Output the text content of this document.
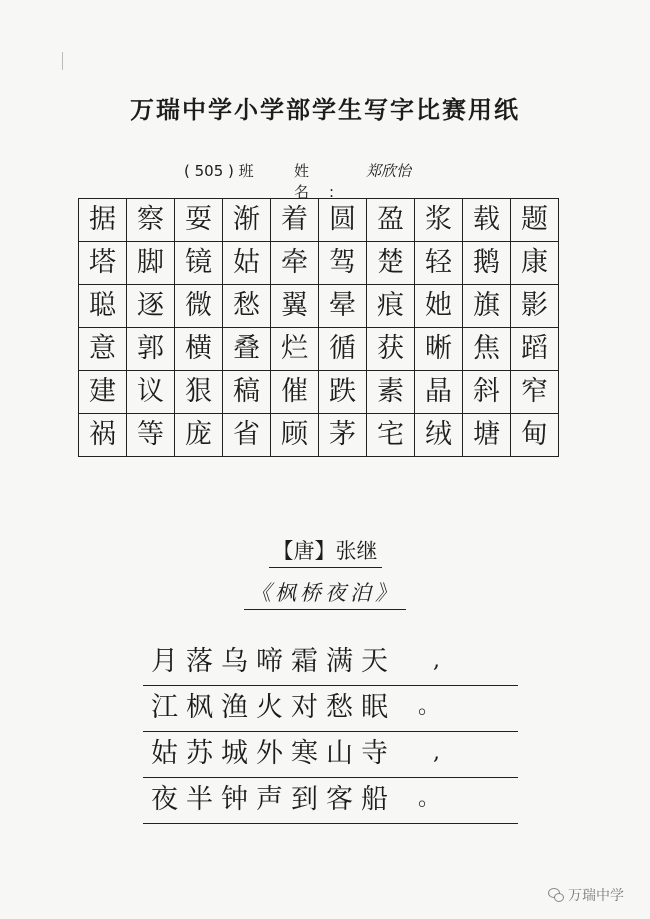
万瑞中学小学部学生写字比赛用纸
( 505 ) 班	姓 名:
郑欣怡
据	察	耍	渐	着	圆	盈	浆	载	题
塔	脚	镜	姑	牵	驾	楚	轻	鹅	康
聪	逐	微	愁	翼	晕	痕	她	旗	影
意	郭	横	叠	烂	循	获	晰	焦	蹈
建	议	狠	稿	催	跌	素	晶	斜	窄
祸	等	庞	省	顾	茅	宅	绒	塘	甸
【唐】张继
《枫桥夜泊》
月落乌啼霜满天 ,
江枫渔火对愁眠 。
姑苏城外寒山寺 ,
夜半钟声到客船 。
万瑞中学
